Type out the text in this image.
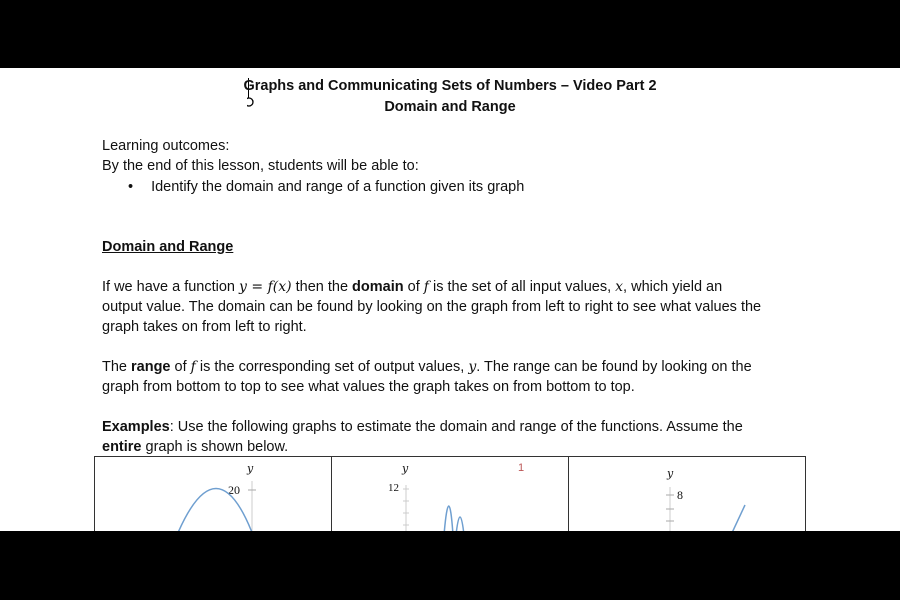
Graphs and Communicating Sets of Numbers – Video Part 2
Domain and Range
Learning outcomes:
By the end of this lesson, students will be able to:
• Identify the domain and range of a function given its graph
Domain and Range
If we have a function y = f(x) then the domain of f is the set of all input values, x, which yield an
output value. The domain can be found by looking on the graph from left to right to see what values the
graph takes on from left to right.
The range of f is the corresponding set of output values, y. The range can be found by looking on the
graph from bottom to top to see what values the graph takes on from bottom to top.
Examples: Use the following graphs to estimate the domain and range of the functions. Assume the
entire graph is shown below.
y
20
y
12
1	y
8
